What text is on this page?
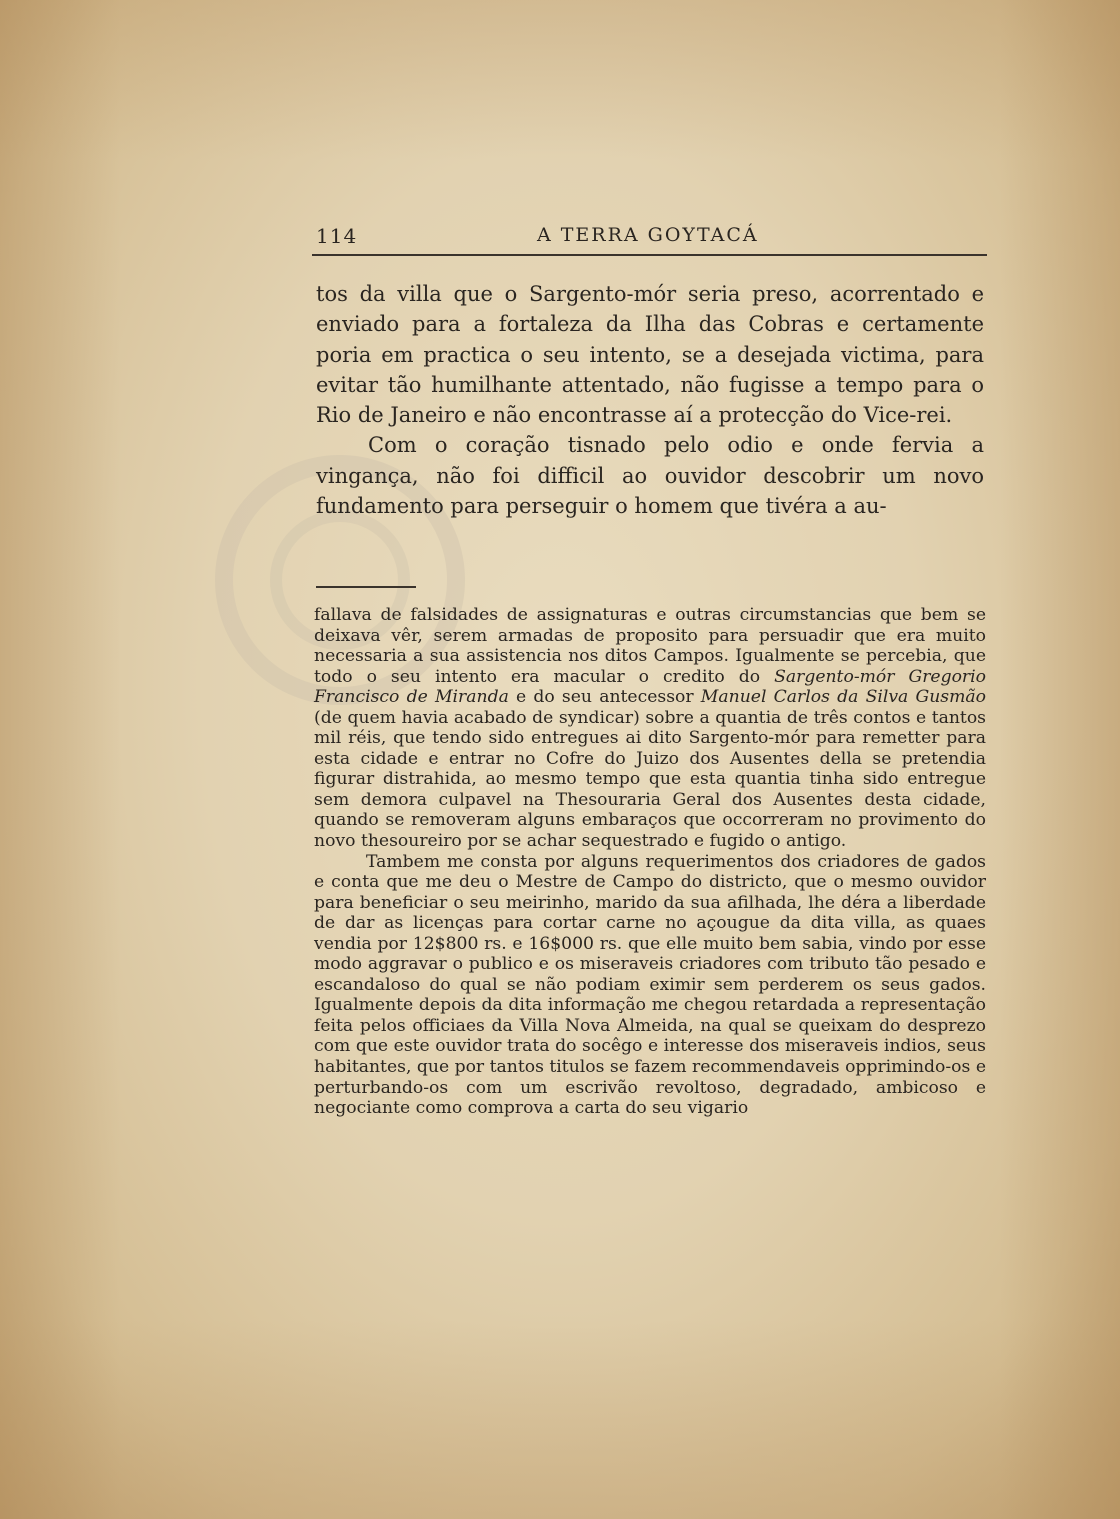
114	A TERRA GOYTACÁ

tos da villa que o Sargento-mór seria preso, acorrentado e enviado para a fortaleza da Ilha das Cobras e certamente poria em practica o seu intento, se a desejada victima, para evitar tão humilhante attentado, não fugisse a tempo para o Rio de Janeiro e não encontrasse aí a protecção do Vice-rei.

Com o coração tisnado pelo odio e onde fervia a vingança, não foi difficil ao ouvidor descobrir um novo fundamento para perseguir o homem que tivéra a au-

fallava de falsidades de assignaturas e outras circumstancias que bem se deixava vêr, serem armadas de proposito para persuadir que era muito necessaria a sua assistencia nos ditos Campos. Igualmente se percebia, que todo o seu intento era macular o credito do Sargento-mór Gregorio Francisco de Miranda e do seu antecessor Manuel Carlos da Silva Gusmão (de quem havia acabado de syndicar) sobre a quantia de três contos e tantos mil réis, que tendo sido entregues ai dito Sargento-mór para remetter para esta cidade e entrar no Cofre do Juizo dos Ausentes della se pretendia figurar distrahida, ao mesmo tempo que esta quantia tinha sido entregue sem demora culpavel na Thesouraria Geral dos Ausentes desta cidade, quando se removeram alguns embaraços que occorreram no provimento do novo thesoureiro por se achar sequestrado e fugido o antigo.

Tambem me consta por alguns requerimentos dos criadores de gados e conta que me deu o Mestre de Campo do districto, que o mesmo ouvidor para beneficiar o seu meirinho, marido da sua afilhada, lhe déra a liberdade de dar as licenças para cortar carne no açougue da dita villa, as quaes vendia por 12$800 rs. e 16$000 rs. que elle muito bem sabia, vindo por esse modo aggravar o publico e os miseraveis criadores com tributo tão pesado e escandaloso do qual se não podiam eximir sem perderem os seus gados. Igualmente depois da dita informação me chegou retardada a representação feita pelos officiaes da Villa Nova Almeida, na qual se queixam do desprezo com que este ouvidor trata do socêgo e interesse dos miseraveis indios, seus habitantes, que por tantos titulos se fazem recommendaveis opprimindo-os e perturbando-os com um escrivão revoltoso, degradado, ambicoso e negociante como comprova a carta do seu vigario
